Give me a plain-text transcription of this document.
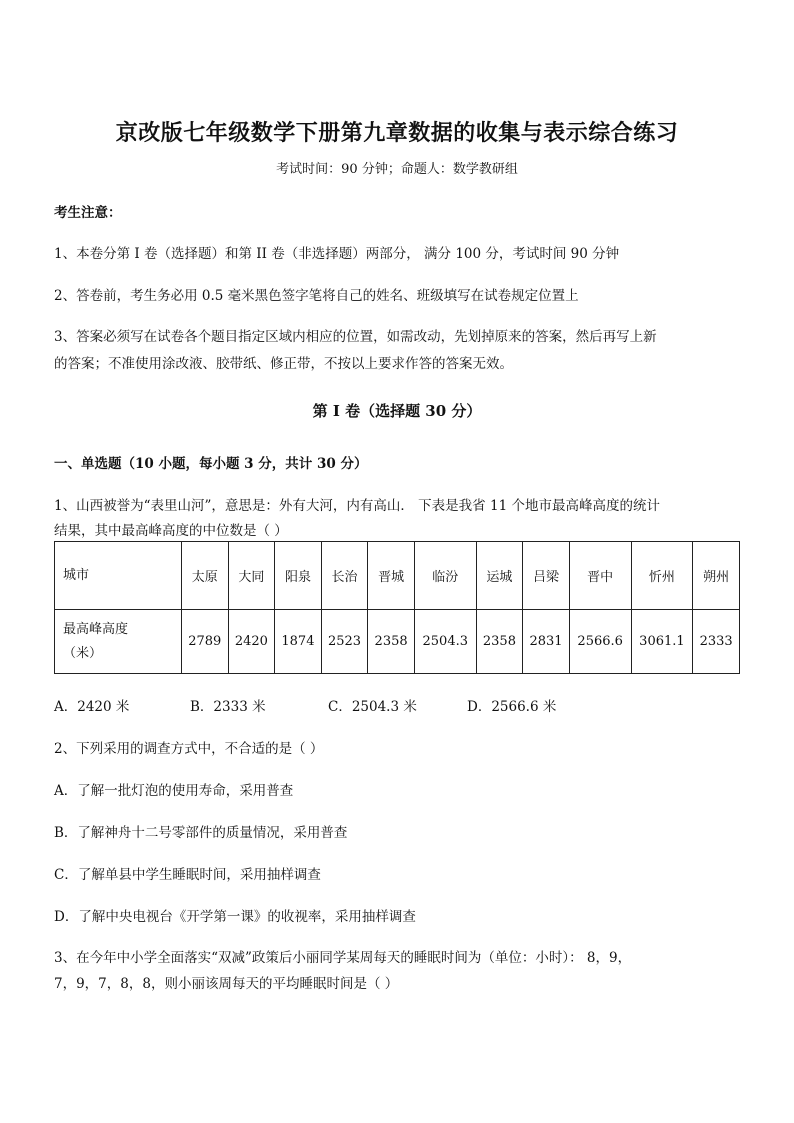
京改版七年级数学下册第九章数据的收集与表示综合练习
考试时间：90 分钟；命题人：数学教研组
考生注意：
1、本卷分第 I 卷（选择题）和第 II 卷（非选择题）两部分， 满分 100 分，考试时间 90 分钟
2、答卷前，考生务必用 0.5 毫米黑色签字笔将自己的姓名、班级填写在试卷规定位置上
3、答案必须写在试卷各个题目指定区域内相应的位置，如需改动，先划掉原来的答案，然后再写上新
的答案；不准使用涂改液、胶带纸、修正带，不按以上要求作答的答案无效。
第 I 卷（选择题 30 分）
一、单选题（10 小题，每小题 3 分，共计 30 分）
1、山西被誉为“表里山河”，意思是：外有大河，内有高山． 下表是我省 11 个地市最高峰高度的统计
结果，其中最高峰高度的中位数是（ ）
城市	太原	大同	阳泉	长治	晋城	临汾	运城	吕梁	晋中	忻州	朔州
最高峰高度
（米）	2789	2420	1874	2523	2358	2504.3	2358	2831	2566.6	3061.1	2333
A．2420 米	B．2333 米	C．2504.3 米	D．2566.6 米
2、下列采用的调查方式中，不合适的是（ ）
A．了解一批灯泡的使用寿命，采用普查
B．了解神舟十二号零部件的质量情况，采用普查
C．了解单县中学生睡眠时间，采用抽样调查
D．了解中央电视台《开学第一课》的收视率，采用抽样调查
3、在今年中小学全面落实“双减”政策后小丽同学某周每天的睡眠时间为（单位：小时）： 8，9，
7，9，7，8，8，则小丽该周每天的平均睡眠时间是（ ）
